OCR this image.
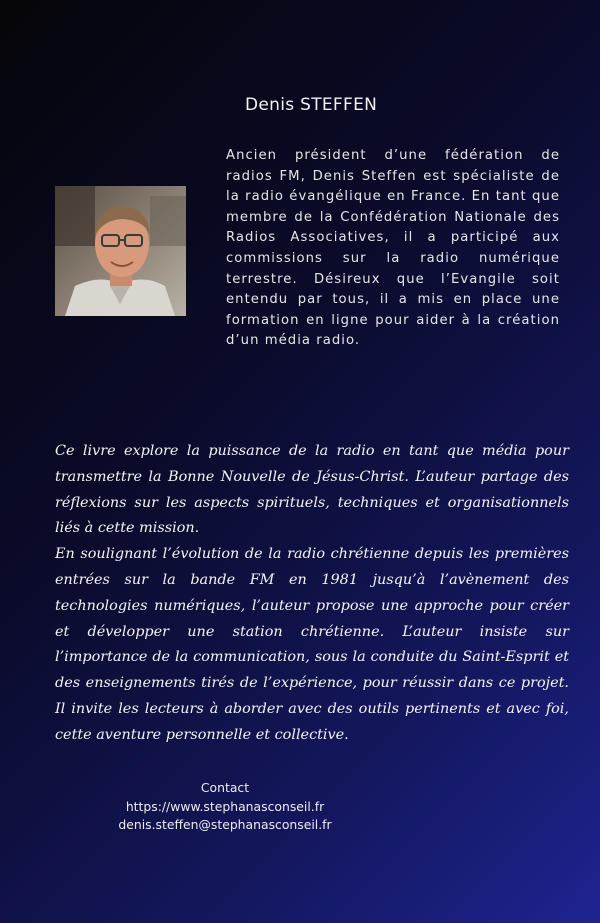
Denis STEFFEN
Ancien président d’une fédération de radios FM, Denis Steffen est spécialiste de la radio évangélique en France. En tant que membre de la Confédération Nationale des Radios Associatives, il a participé aux commissions sur la radio numérique terrestre. Désireux que l’Evangile soit entendu par tous, il a mis en place une formation en ligne pour aider à la création d’un média radio.

Ce livre explore la puissance de la radio en tant que média pour transmettre la Bonne Nouvelle de Jésus-Christ. L’auteur partage des réflexions sur les aspects spirituels, techniques et organisationnels liés à cette mission.

En soulignant l’évolution de la radio chrétienne depuis les premières entrées sur la bande FM en 1981 jusqu’à l’avènement des technologies numériques, l’auteur propose une approche pour créer et développer une station chrétienne. L’auteur insiste sur l’importance de la communication, sous la conduite du Saint-Esprit et des enseignements tirés de l’expérience, pour réussir dans ce projet. Il invite les lecteurs à aborder avec des outils pertinents et avec foi, cette aventure personnelle et collective.

Contact
https://www.stephanasconseil.fr
denis.steffen@stephanasconseil.fr
